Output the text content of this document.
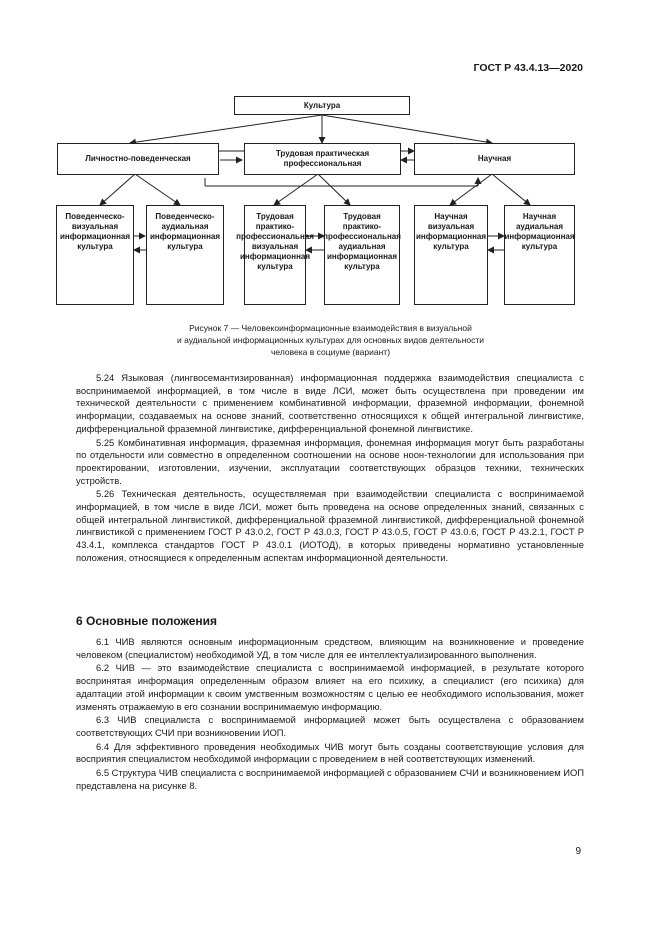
ГОСТ Р 43.4.13—2020
Культура
Личностно-поведенческая
Трудовая практическая профессиональная
Научная
Поведенческо-визуальная информационная культура
Поведенческо-аудиальная информационная культура
Трудовая практико-профессиональная визуальная информационная культура
Трудовая практико-профессиональная аудиальная информационная культура
Научная визуальная информационная культура
Научная аудиальная информационная культура
Рисунок 7 — Человекоинформационные взаимодействия в визуальной
и аудиальной информационных культурах для основных видов деятельности
человека в социуме (вариант)

5.24 Языковая (лингвосемантизированная) информационная поддержка взаимодействия специалиста с воспринимаемой информацией, в том числе в виде ЛСИ, может быть осуществлена при проведении им технической деятельности с применением комбинативной информации, фраземной информации, фонемной информации, создаваемых на основе знаний, соответственно относящихся к общей интегральной лингвистике, дифференциальной фраземной лингвистике, дифференциальной фонемной лингвистике.

5.25 Комбинативная информация, фраземная информация, фонемная информация могут быть разработаны по отдельности или совместно в определенном соотношении на основе ноон-технологии для использования при проектировании, изготовлении, изучении, эксплуатации соответствующих образцов техники, технических устройств.

5.26 Техническая деятельность, осуществляемая при взаимодействии специалиста с воспринимаемой информацией, в том числе в виде ЛСИ, может быть проведена на основе определенных знаний, связанных с общей интегральной лингвистикой, дифференциальной фраземной лингвистикой, дифференциальной фонемной лингвистикой с применением ГОСТ Р 43.0.2, ГОСТ Р 43.0.3, ГОСТ Р 43.0.5, ГОСТ Р 43.0.6, ГОСТ Р 43.2.1, ГОСТ Р 43.4.1, комплекса стандартов ГОСТ Р 43.0.1 (ИОТОД), в которых приведены нормативно установленные положения, относящиеся к определенным аспектам информационной деятельности.

6 Основные положения

6.1 ЧИВ являются основным информационным средством, влияющим на возникновение и проведение человеком (специалистом) необходимой УД, в том числе для ее интеллектуализированного выполнения.

6.2 ЧИВ — это взаимодействие специалиста с воспринимаемой информацией, в результате которого воспринятая информация определенным образом влияет на его психику, а специалист (его психика) для адаптации этой информации к своим умственным возможностям с целью ее необходимого использования, может изменять отражаемую в его сознании воспринимаемую информацию.

6.3 ЧИВ специалиста с воспринимаемой информацией может быть осуществлена с образованием соответствующих СЧИ при возникновении ИОП.

6.4 Для эффективного проведения необходимых ЧИВ могут быть созданы соответствующие условия для восприятия специалистом необходимой информации с проведением в ней соответствующих изменений.

6.5 Структура ЧИВ специалиста с воспринимаемой информацией с образованием СЧИ и возникновением ИОП представлена на рисунке 8.

9
